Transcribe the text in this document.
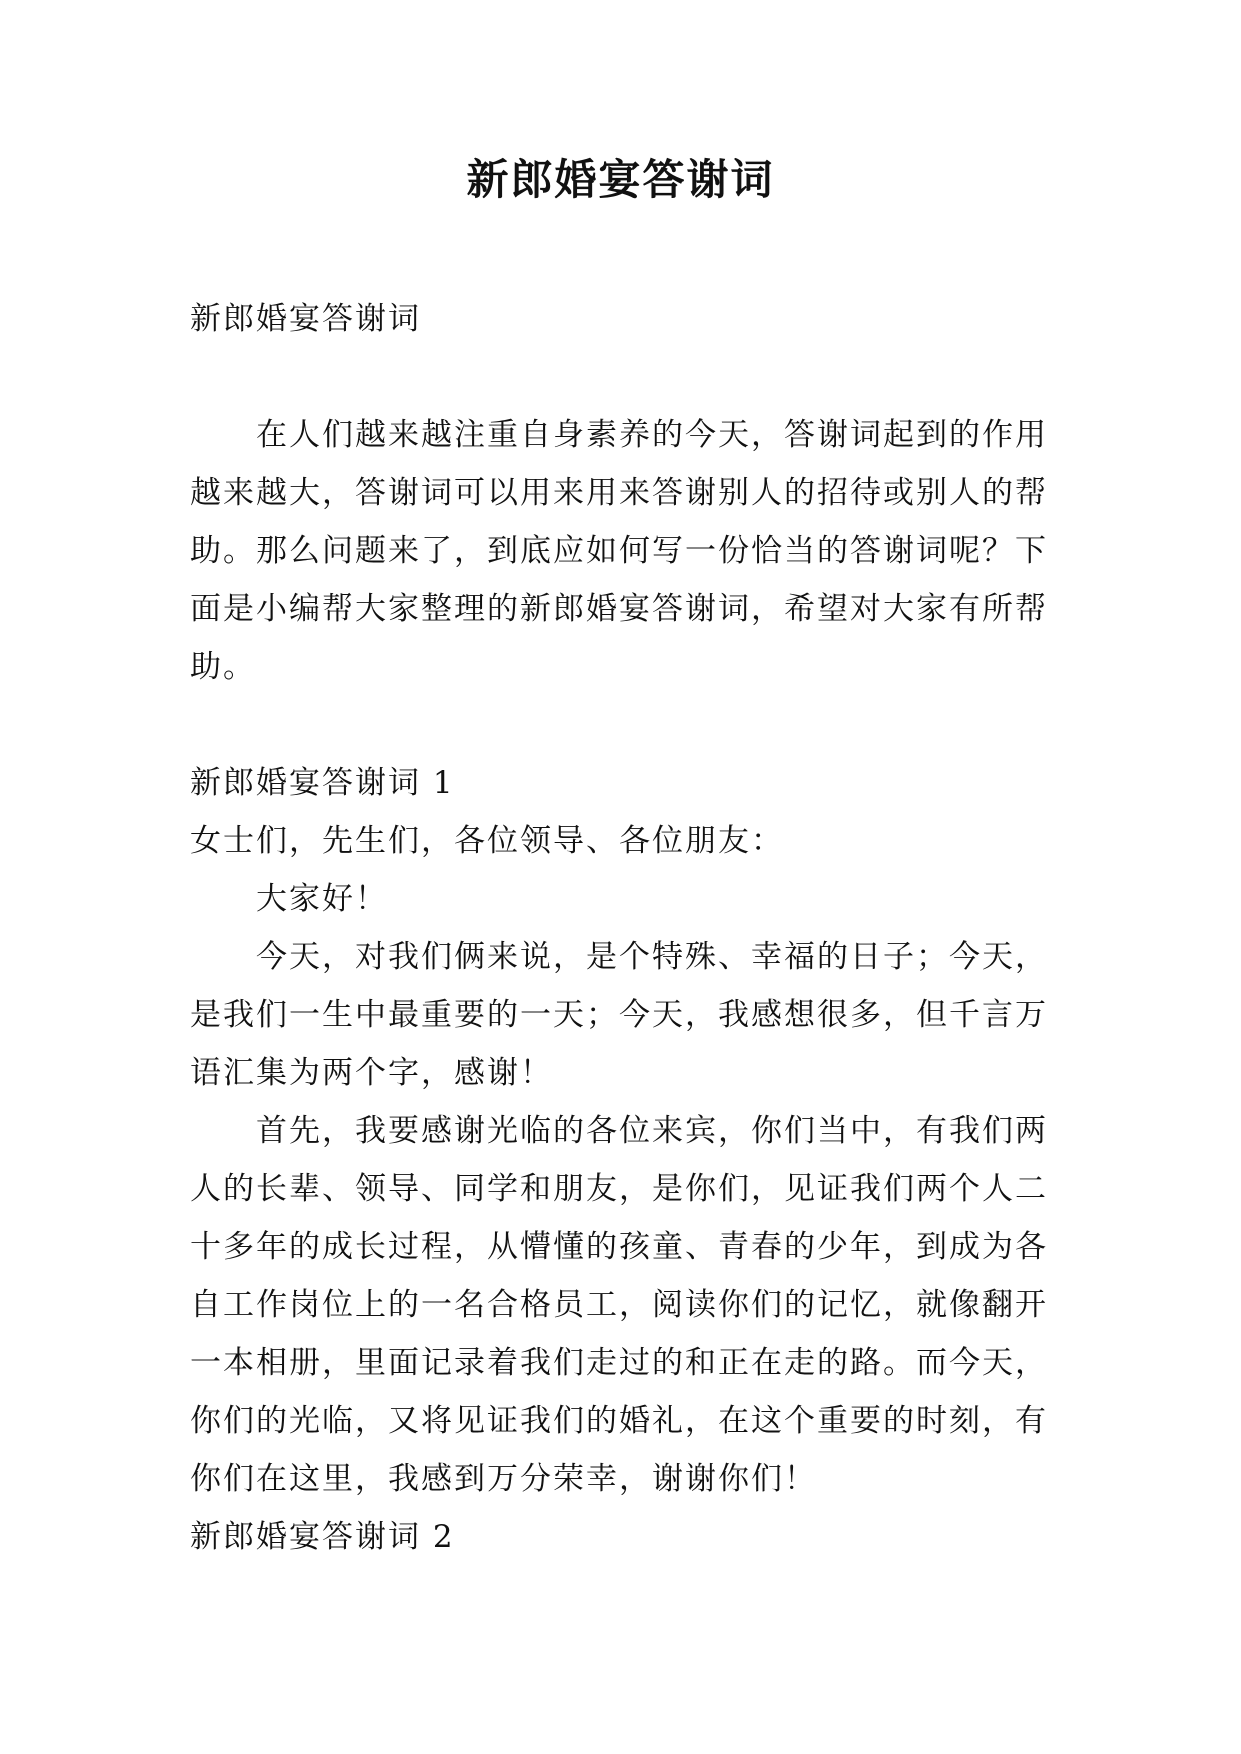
新郎婚宴答谢词
新郎婚宴答谢词
在人们越来越注重自身素养的今天，答谢词起到的作用
越来越大，答谢词可以用来用来答谢别人的招待或别人的帮
助。那么问题来了，到底应如何写一份恰当的答谢词呢？下
面是小编帮大家整理的新郎婚宴答谢词，希望对大家有所帮
助。
新郎婚宴答谢词 1
女士们，先生们，各位领导、各位朋友：
大家好！
今天，对我们俩来说，是个特殊、幸福的日子；今天，
是我们一生中最重要的一天；今天，我感想很多，但千言万
语汇集为两个字，感谢！
首先，我要感谢光临的各位来宾，你们当中，有我们两
人的长辈、领导、同学和朋友，是你们，见证我们两个人二
十多年的成长过程，从懵懂的孩童、青春的少年，到成为各
自工作岗位上的一名合格员工，阅读你们的记忆，就像翻开
一本相册，里面记录着我们走过的和正在走的路。而今天，
你们的光临，又将见证我们的婚礼，在这个重要的时刻，有
你们在这里，我感到万分荣幸，谢谢你们！
新郎婚宴答谢词 2
